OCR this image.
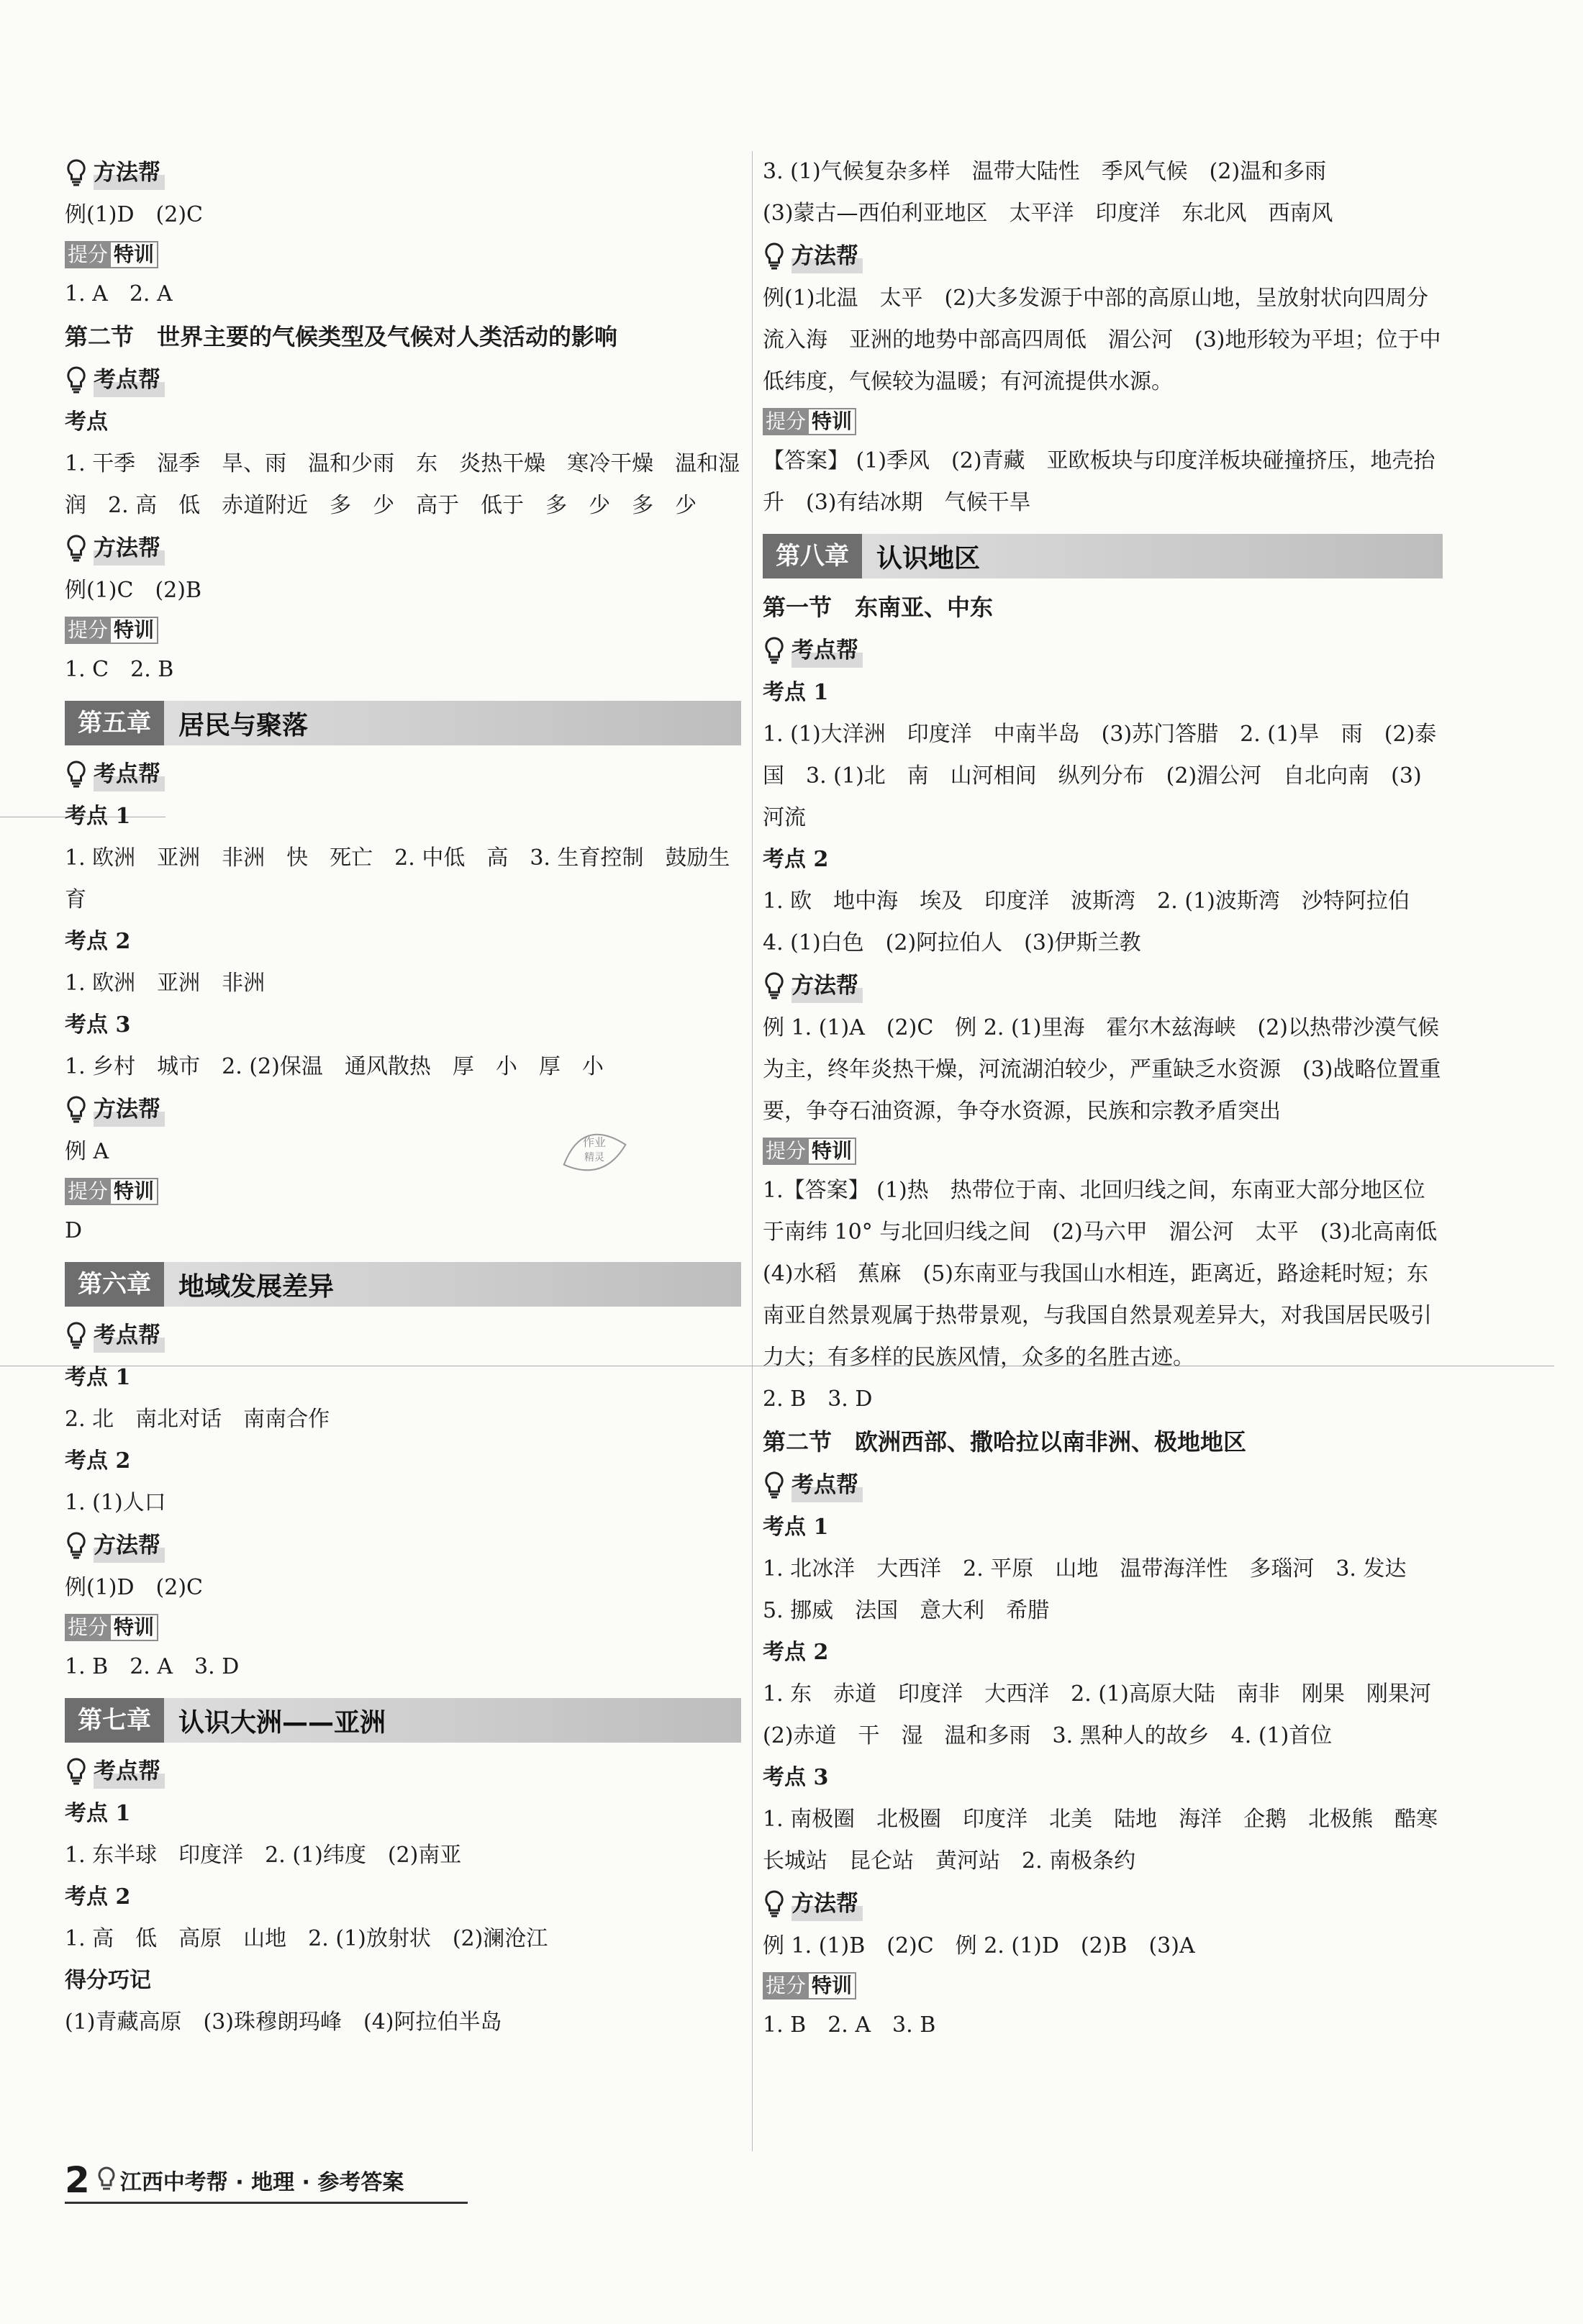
方法帮
例(1)D　(2)C
提分 特训
1. A　2. A
第二节　世界主要的气候类型及气候对人类活动的影响
考点帮
考点
1. 干季　湿季　旱、雨　温和少雨　东　炎热干燥　寒冷干燥　温和湿润　2. 高　低　赤道附近　多　少　高于　低于　多　少　多　少
方法帮
例(1)C　(2)B
提分 特训
1. C　2. B
第五章	居民与聚落
考点帮
考点 1
1. 欧洲　亚洲　非洲　快　死亡　2. 中低　高　3. 生育控制　鼓励生育
考点 2
1. 欧洲　亚洲　非洲
考点 3
1. 乡村　城市　2. (2)保温　通风散热　厚　小　厚　小
方法帮
例 A
提分 特训
D
第六章	地域发展差异
考点帮
考点 1
2. 北　南北对话　南南合作
考点 2
1. (1)人口
方法帮
例(1)D　(2)C
提分 特训
1. B　2. A　3. D
第七章	认识大洲——亚洲
考点帮
考点 1
1. 东半球　印度洋　2. (1)纬度　(2)南亚
考点 2
1. 高　低　高原　山地　2. (1)放射状　(2)澜沧江
得分巧记
(1)青藏高原　(3)珠穆朗玛峰　(4)阿拉伯半岛
3. (1)气候复杂多样　温带大陆性　季风气候　(2)温和多雨
(3)蒙古—西伯利亚地区　太平洋　印度洋　东北风　西南风
方法帮
例(1)北温　太平　(2)大多发源于中部的高原山地，呈放射状向四周分流入海　亚洲的地势中部高四周低　湄公河　(3)地形较为平坦；位于中低纬度，气候较为温暖；有河流提供水源。
提分 特训
【答案】 (1)季风　(2)青藏　亚欧板块与印度洋板块碰撞挤压，地壳抬升　(3)有结冰期　气候干旱
第八章	认识地区
第一节　东南亚、中东
考点帮
考点 1
1. (1)大洋洲　印度洋　中南半岛　(3)苏门答腊　2. (1)旱　雨　(2)泰国　3. (1)北　南　山河相间　纵列分布　(2)湄公河　自北向南　(3)河流
考点 2
1. 欧　地中海　埃及　印度洋　波斯湾　2. (1)波斯湾　沙特阿拉伯
4. (1)白色　(2)阿拉伯人　(3)伊斯兰教
方法帮
例 1. (1)A　(2)C　例 2. (1)里海　霍尔木兹海峡　(2)以热带沙漠气候为主，终年炎热干燥，河流湖泊较少，严重缺乏水资源　(3)战略位置重要，争夺石油资源，争夺水资源，民族和宗教矛盾突出
提分 特训
1.【答案】 (1)热　热带位于南、北回归线之间，东南亚大部分地区位于南纬 10° 与北回归线之间　(2)马六甲　湄公河　太平　(3)北高南低　(4)水稻　蕉麻　(5)东南亚与我国山水相连，距离近，路途耗时短；东南亚自然景观属于热带景观，与我国自然景观差异大，对我国居民吸引力大；有多样的民族风情，众多的名胜古迹。
2. B　3. D
第二节　欧洲西部、撒哈拉以南非洲、极地地区
考点帮
考点 1
1. 北冰洋　大西洋　2. 平原　山地　温带海洋性　多瑙河　3. 发达　5. 挪威　法国　意大利　希腊
考点 2
1. 东　赤道　印度洋　大西洋　2. (1)高原大陆　南非　刚果　刚果河　(2)赤道　干　湿　温和多雨　3. 黑种人的故乡　4. (1)首位
考点 3
1. 南极圈　北极圈　印度洋　北美　陆地　海洋　企鹅　北极熊　酷寒　长城站　昆仑站　黄河站　2. 南极条约
方法帮
例 1. (1)B　(2)C　例 2. (1)D　(2)B　(3)A
提分 特训
1. B　2. A　3. B
作业
精灵
2 江西中考帮 · 地理 · 参考答案
